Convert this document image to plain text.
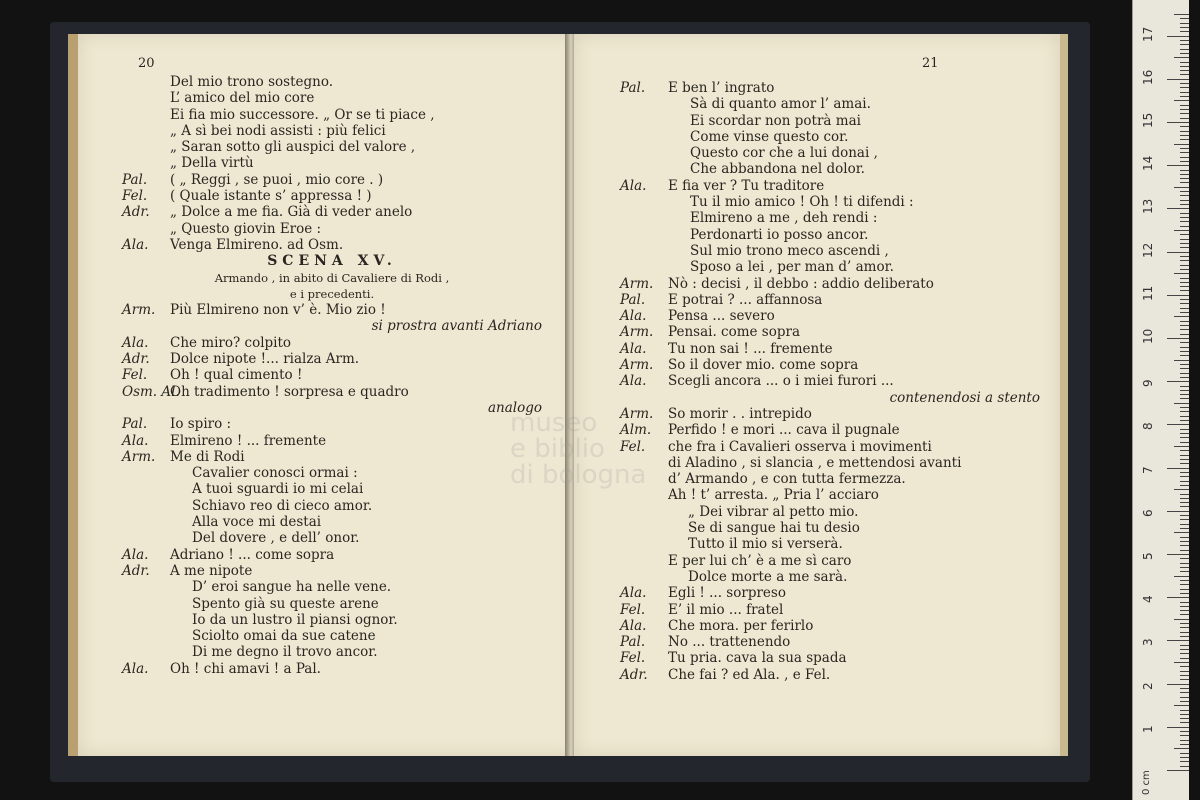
20
Del mio trono sostegno.
L’ amico del mio core
Ei fia mio successore. „ Or se ti piace ,
„ A sì bei nodi assisti : più felici
„ Saran sotto gli auspici del valore ,
„ Della virtù
Pal. ( „ Reggi , se puoi , mio core . )
Fel. ( Quale istante s’ appressa ! )
Adr. „ Dolce a me fia. Già di veder anelo
„ Questo giovin Eroe :
Ala. Venga Elmireno. ad Osm.
SCENA XV.
Armando , in abito di Cavaliere di Rodi ,
e i precedenti.
Arm. Più Elmireno non v’ è. Mio zio !
si prostra avanti Adriano
Ala. Che miro? colpito
Adr. Dolce nipote !... rialza Arm.
Fel. Oh ! qual cimento !
Osm. Al.Oh tradimento ! sorpresa e quadro
analogo
Pal. Io spiro :
Ala. Elmireno ! ... fremente
Arm. Me di Rodi
Cavalier conosci ormai :
A tuoi sguardi io mi celai
Schiavo reo di cieco amor.
Alla voce mi destai
Del dovere , e dell’ onor.
Ala. Adriano ! ... come sopra
Adr. A me nipote
D’ eroi sangue ha nelle vene.
Spento già su queste arene
Io da un lustro il piansi ognor.
Sciolto omai da sue catene
Di me degno il trovo ancor.
Ala. Oh ! chi amavi ! a Pal.
21
Pal. E ben l’ ingrato
Sà di quanto amor l’ amai.
Ei scordar non potrà mai
Come vinse questo cor.
Questo cor che a lui donai ,
Che abbandona nel dolor.
Ala. E fia ver ? Tu traditore
Tu il mio amico ! Oh ! ti difendi :
Elmireno a me , deh rendi :
Perdonarti io posso ancor.
Sul mio trono meco ascendi ,
Sposo a lei , per man d’ amor.
Arm. Nò : decisi , il debbo : addio deliberato
Pal. E potrai ? ... affannosa
Ala. Pensa ... severo
Arm. Pensai. come sopra
Ala. Tu non sai ! ... fremente
Arm. So il dover mio. come sopra
Ala. Scegli ancora ... o i miei furori ...
contenendosi a stento
Arm. So morir . . intrepido
Alm. Perfido ! e mori ... cava il pugnale
Fel. che fra i Cavalieri osserva i movimenti
di Aladino , si slancia , e mettendosi avanti
d’ Armando , e con tutta fermezza.
Ah ! t’ arresta. „ Pria l’ acciaro
„ Dei vibrar al petto mio.
Se di sangue hai tu desio
Tutto il mio si verserà.
E per lui ch’ è a me sì caro
Dolce morte a me sarà.
Ala. Egli ! ... sorpreso
Fel. E’ il mio ... fratel
Ala. Che mora. per ferirlo
Pal. No ... trattenendo
Fel. Tu pria. cava la sua spada
Adr. Che fai ? ed Ala. , e Fel.
museo
e biblio
di bologna
0 cm
1
2
3
4
5
6
7
8
9
10
11
12
13
14
15
16
17
